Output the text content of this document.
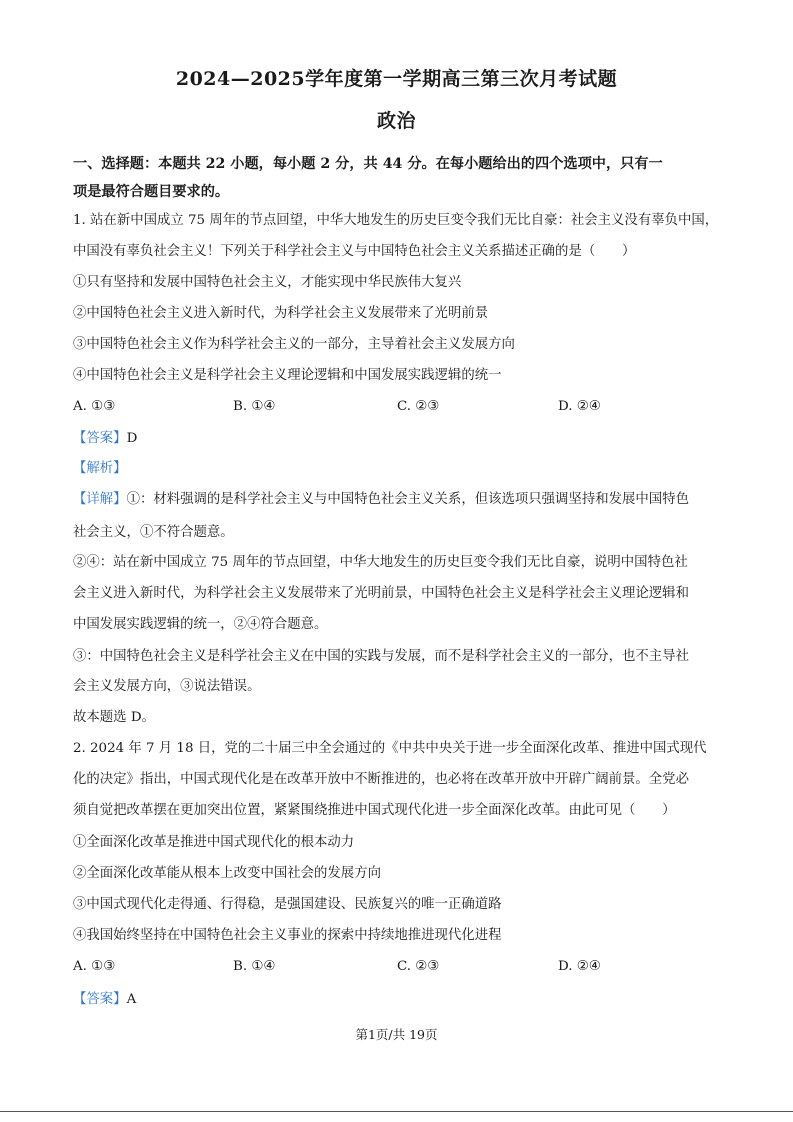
2024—2025学年度第一学期高三第三次月考试题
政治
一、选择题：本题共 22 小题，每小题 2 分，共 44 分。在每小题给出的四个选项中，只有一
项是最符合题目要求的。
1. 站在新中国成立 75 周年的节点回望，中华大地发生的历史巨变令我们无比自豪：社会主义没有辜负中国，
中国没有辜负社会主义！下列关于科学社会主义与中国特色社会主义关系描述正确的是（　　）
①只有坚持和发展中国特色社会主义，才能实现中华民族伟大复兴
②中国特色社会主义进入新时代，为科学社会主义发展带来了光明前景
③中国特色社会主义作为科学社会主义的一部分，主导着社会主义发展方向
④中国特色社会主义是科学社会主义理论逻辑和中国发展实践逻辑的统一
A. ①③	B. ①④	C. ②③	D. ②④
【答案】D
【解析】
【详解】①：材料强调的是科学社会主义与中国特色社会主义关系，但该选项只强调坚持和发展中国特色
社会主义，①不符合题意。
②④：站在新中国成立 75 周年的节点回望，中华大地发生的历史巨变令我们无比自豪，说明中国特色社
会主义进入新时代，为科学社会主义发展带来了光明前景，中国特色社会主义是科学社会主义理论逻辑和
中国发展实践逻辑的统一，②④符合题意。
③：中国特色社会主义是科学社会主义在中国的实践与发展，而不是科学社会主义的一部分，也不主导社
会主义发展方向，③说法错误。
故本题选 D。
2. 2024 年 7 月 18 日，党的二十届三中全会通过的《中共中央关于进一步全面深化改革、推进中国式现代
化的决定》指出，中国式现代化是在改革开放中不断推进的，也必将在改革开放中开辟广阔前景。全党必
须自觉把改革摆在更加突出位置，紧紧围绕推进中国式现代化进一步全面深化改革。由此可见（　　）
①全面深化改革是推进中国式现代化的根本动力
②全面深化改革能从根本上改变中国社会的发展方向
③中国式现代化走得通、行得稳，是强国建设、民族复兴的唯一正确道路
④我国始终坚持在中国特色社会主义事业的探索中持续地推进现代化进程
A. ①③	B. ①④	C. ②③	D. ②④
【答案】A
第1页/共 19页
